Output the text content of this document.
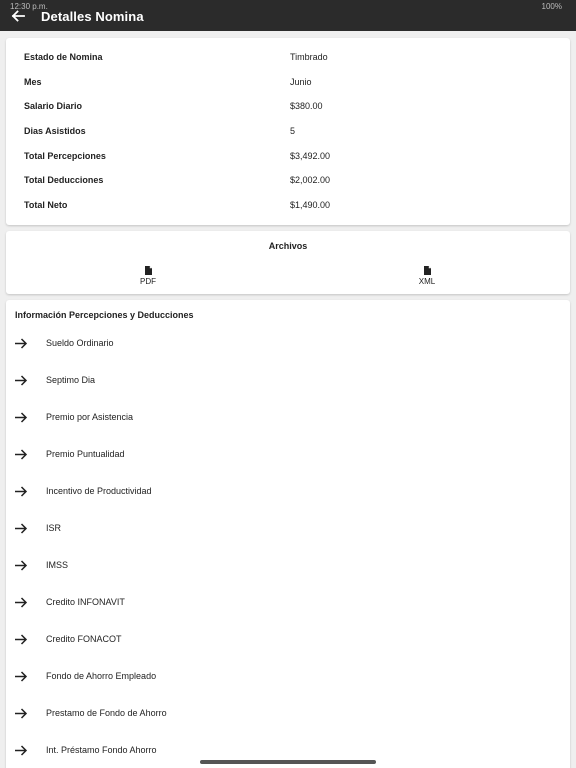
12:30 p.m.	100%
Detalles Nomina
Estado de Nomina	Timbrado
Mes	Junio
Salario Diario	$380.00
Dias Asistidos	5
Total Percepciones	$3,492.00
Total Deducciones	$2,002.00
Total Neto	$1,490.00
Archivos
PDF	XML
Información Percepciones y Deducciones
Sueldo Ordinario
Septimo Dia
Premio por Asistencia
Premio Puntualidad
Incentivo de Productividad
ISR
IMSS
Credito INFONAVIT
Credito FONACOT
Fondo de Ahorro Empleado
Prestamo de Fondo de Ahorro
Int. Préstamo Fondo Ahorro
